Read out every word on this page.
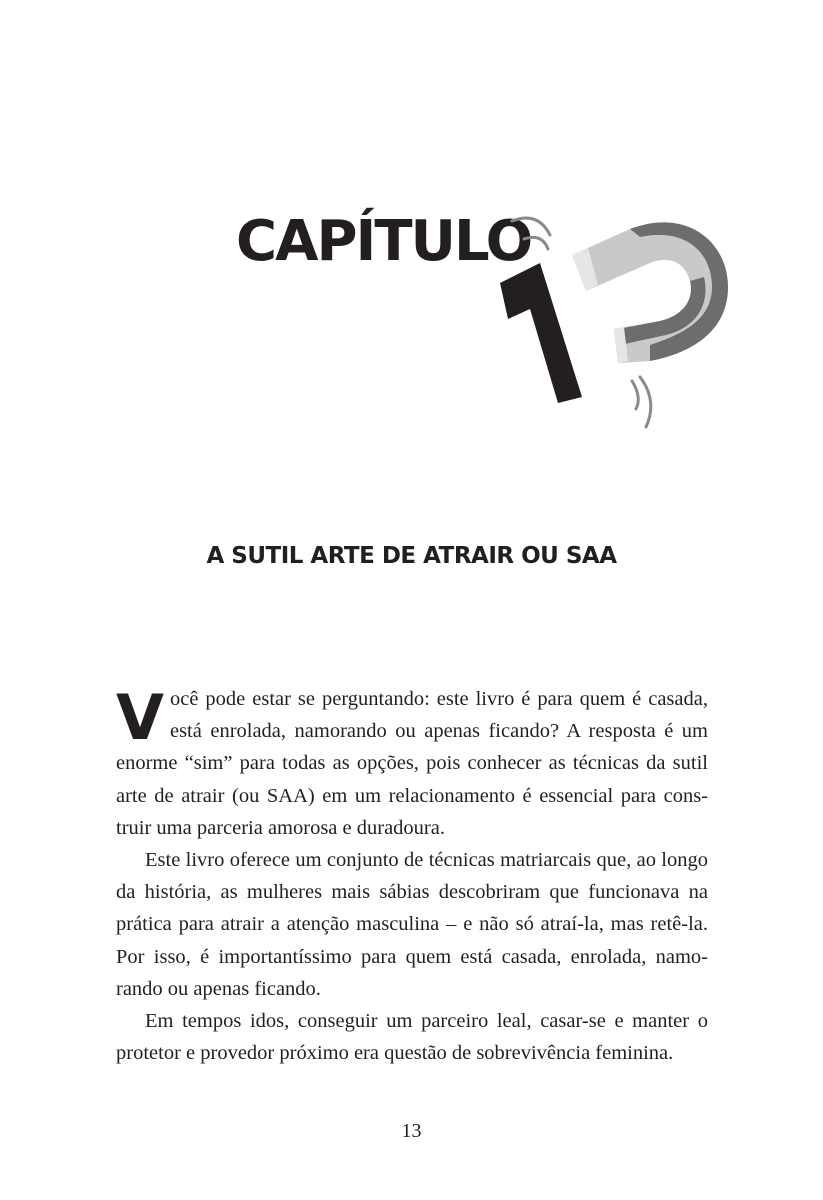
CAPÍTULO
1
A SUTIL ARTE DE ATRAIR OU SAA

Você pode estar se perguntando: este livro é para quem é casada, está enrolada, namorando ou apenas ficando? A resposta é um enorme “sim” para todas as opções, pois conhecer as técnicas da sutil arte de atrair (ou SAA) em um relacionamento é essencial para construir uma parceria amorosa e duradoura.

Este livro oferece um conjunto de técnicas matriarcais que, ao longo da história, as mulheres mais sábias descobriram que funcionava na prática para atrair a atenção masculina – e não só atraí-la, mas retê-la. Por isso, é importantíssimo para quem está casada, enrolada, namorando ou apenas ficando.

Em tempos idos, conseguir um parceiro leal, casar-se e manter o protetor e provedor próximo era questão de sobrevivência feminina.

13
